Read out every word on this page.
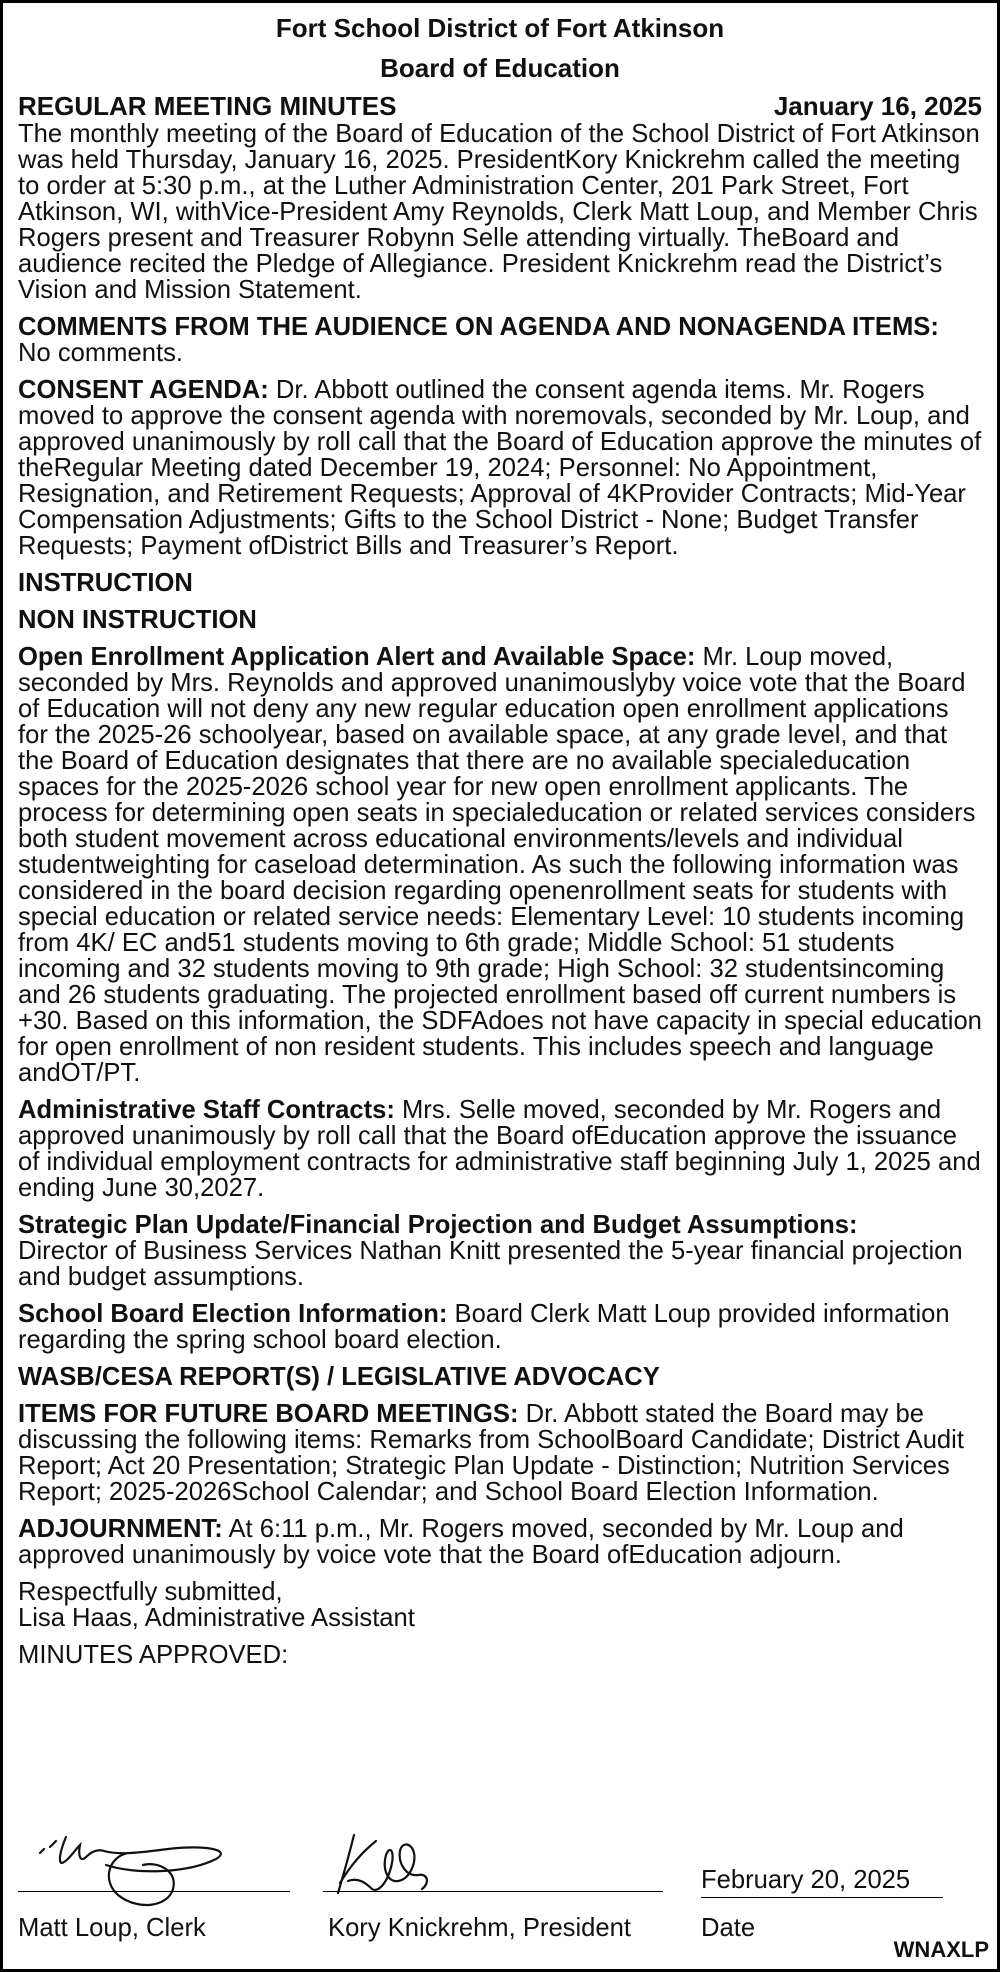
Fort School District of Fort Atkinson

Board of Education

REGULAR MEETING MINUTES	January 16, 2025

The monthly meeting of the Board of Education of the School District of Fort Atkinson was held Thursday, January 16, 2025. PresidentKory Knickrehm called the meeting to order at 5:30 p.m., at the Luther Administration Center, 201 Park Street, Fort Atkinson, WI, withVice-President Amy Reynolds, Clerk Matt Loup, and Member Chris Rogers present and Treasurer Robynn Selle attending virtually. TheBoard and audience recited the Pledge of Allegiance. President Knickrehm read the District’s Vision and Mission Statement.

COMMENTS FROM THE AUDIENCE ON AGENDA AND NONAGENDA ITEMS:
No comments.

CONSENT AGENDA: Dr. Abbott outlined the consent agenda items. Mr. Rogers moved to approve the consent agenda with noremovals, seconded by Mr. Loup, and approved unanimously by roll call that the Board of Education approve the minutes of theRegular Meeting dated December 19, 2024; Personnel: No Appointment, Resignation, and Retirement Requests; Approval of 4KProvider Contracts; Mid-Year Compensation Adjustments; Gifts to the School District - None; Budget Transfer Requests; Payment ofDistrict Bills and Treasurer’s Report.

INSTRUCTION

NON INSTRUCTION

Open Enrollment Application Alert and Available Space: Mr. Loup moved, seconded by Mrs. Reynolds and approved unanimouslyby voice vote that the Board of Education will not deny any new regular education open enrollment applications for the 2025-26 schoolyear, based on available space, at any grade level, and that the Board of Education designates that there are no available specialeducation spaces for the 2025-2026 school year for new open enrollment applicants. The process for determining open seats in specialeducation or related services considers both student movement across educational environments/levels and individual studentweighting for caseload determination. As such the following information was considered in the board decision regarding openenrollment seats for students with special education or related service needs: Elementary Level: 10 students incoming from 4K/ EC and51 students moving to 6th grade; Middle School: 51 students incoming and 32 students moving to 9th grade; High School: 32 studentsincoming and 26 students graduating. The projected enrollment based off current numbers is +30. Based on this information, the SDFAdoes not have capacity in special education for open enrollment of non resident students. This includes speech and language andOT/PT.

Administrative Staff Contracts: Mrs. Selle moved, seconded by Mr. Rogers and approved unanimously by roll call that the Board ofEducation approve the issuance of individual employment contracts for administrative staff beginning July 1, 2025 and ending June 30,2027.

Strategic Plan Update/Financial Projection and Budget Assumptions:
Director of Business Services Nathan Knitt presented the 5-year financial projection and budget assumptions.

School Board Election Information: Board Clerk Matt Loup provided information regarding the spring school board election.

WASB/CESA REPORT(S) / LEGISLATIVE ADVOCACY

ITEMS FOR FUTURE BOARD MEETINGS: Dr. Abbott stated the Board may be discussing the following items: Remarks from SchoolBoard Candidate; District Audit Report; Act 20 Presentation; Strategic Plan Update - Distinction; Nutrition Services Report; 2025-2026School Calendar; and School Board Election Information.

ADJOURNMENT: At 6:11 p.m., Mr. Rogers moved, seconded by Mr. Loup and approved unanimously by voice vote that the Board ofEducation adjourn.

Respectfully submitted,
Lisa Haas, Administrative Assistant

MINUTES APPROVED:

February 20, 2025
Matt Loup, Clerk	Kory Knickrehm, President	Date
WNAXLP
